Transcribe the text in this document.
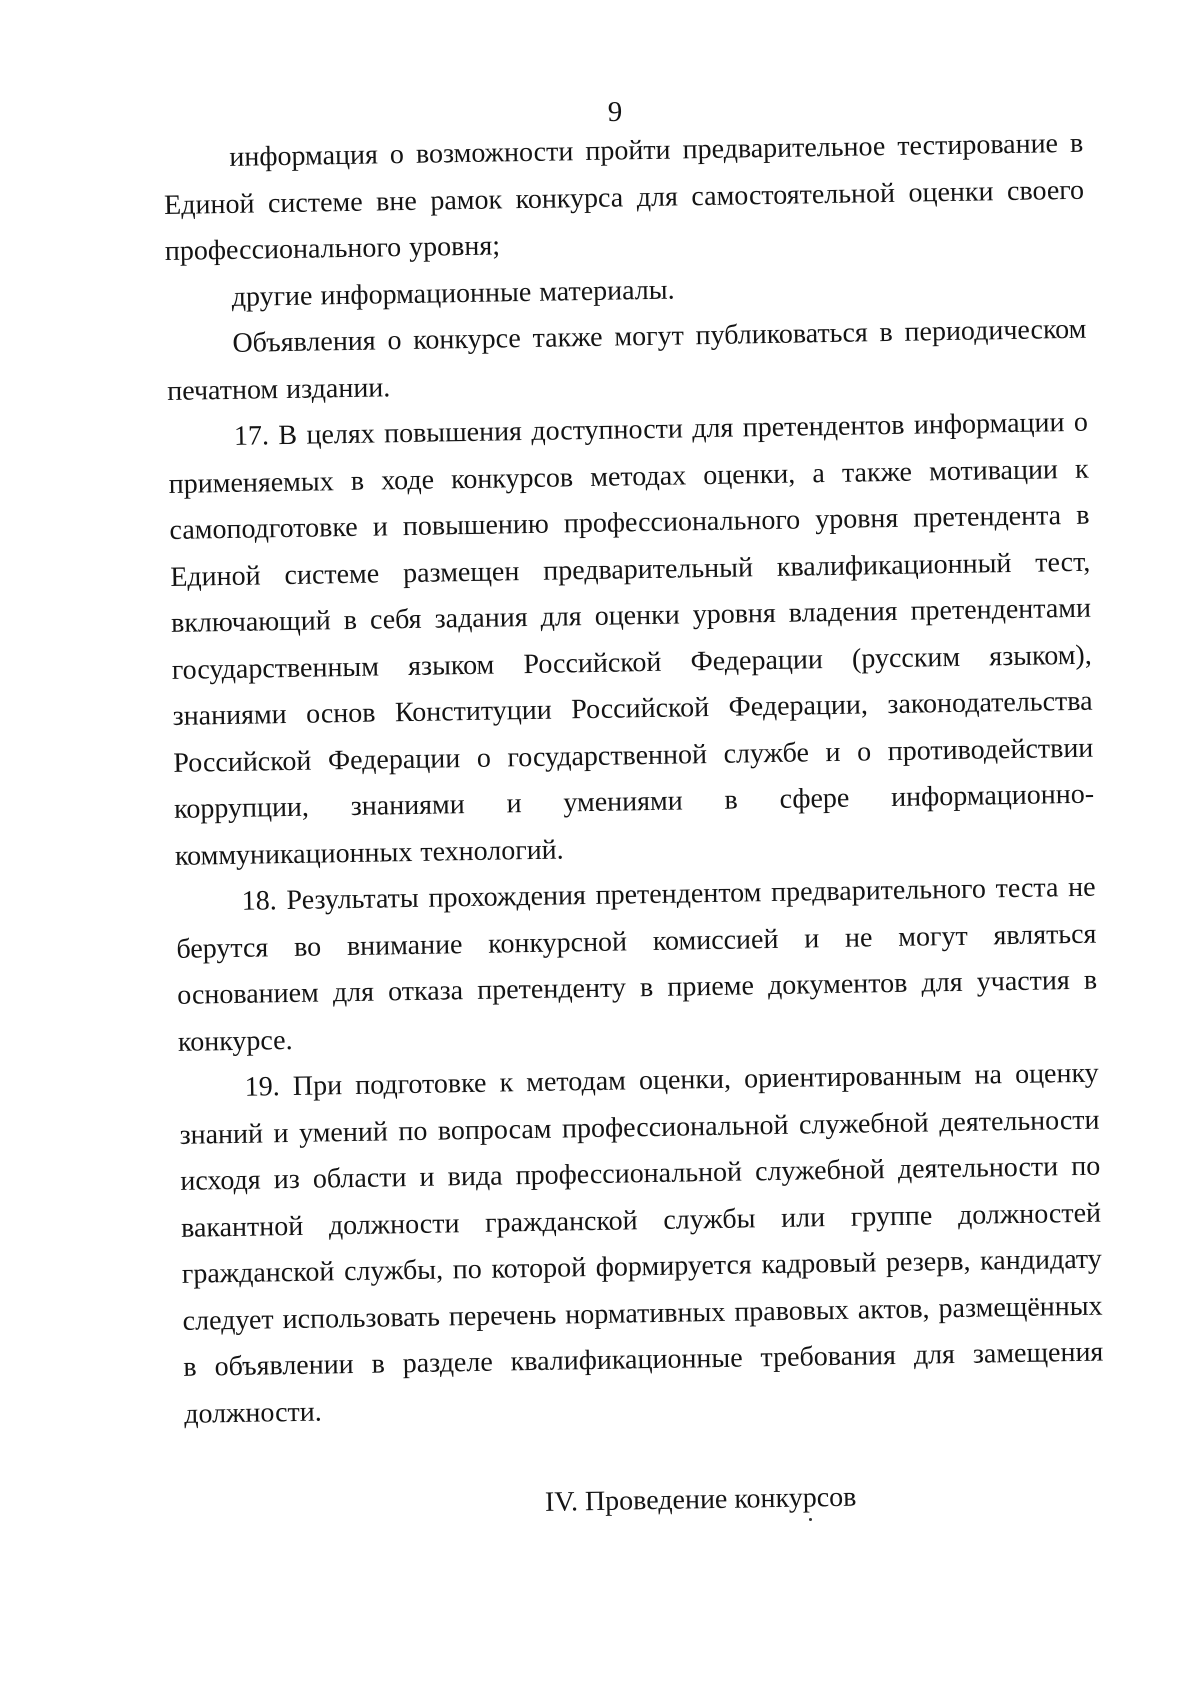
9

информация о возможности пройти предварительное тестирование в Единой системе вне рамок конкурса для самостоятельной оценки своего профессионального уровня;

другие информационные материалы.

Объявления о конкурсе также могут публиковаться в периодическом печатном издании.

17. В целях повышения доступности для претендентов информации о применяемых в ходе конкурсов методах оценки, а также мотивации к самоподготовке и повышению профессионального уровня претендента в Единой системе размещен предварительный квалификационный тест, включающий в себя задания для оценки уровня владения претендентами государственным языком Российской Федерации (русским языком), знаниями основ Конституции Российской Федерации, законодательства Российской Федерации о государственной службе и о противодействии коррупции, знаниями и умениями в сфере информационно-коммуникационных технологий.

18. Результаты прохождения претендентом предварительного теста не берутся во внимание конкурсной комиссией и не могут являться основанием для отказа претенденту в приеме документов для участия в конкурсе.

19. При подготовке к методам оценки, ориентированным на оценку знаний и умений по вопросам профессиональной служебной деятельности исходя из области и вида профессиональной служебной деятельности по вакантной должности гражданской службы или группе должностей гражданской службы, по которой формируется кадровый резерв, кандидату следует использовать перечень нормативных правовых актов, размещённых в объявлении в разделе квалификационные требования для замещения должности.

IV. Проведение конкурсов
